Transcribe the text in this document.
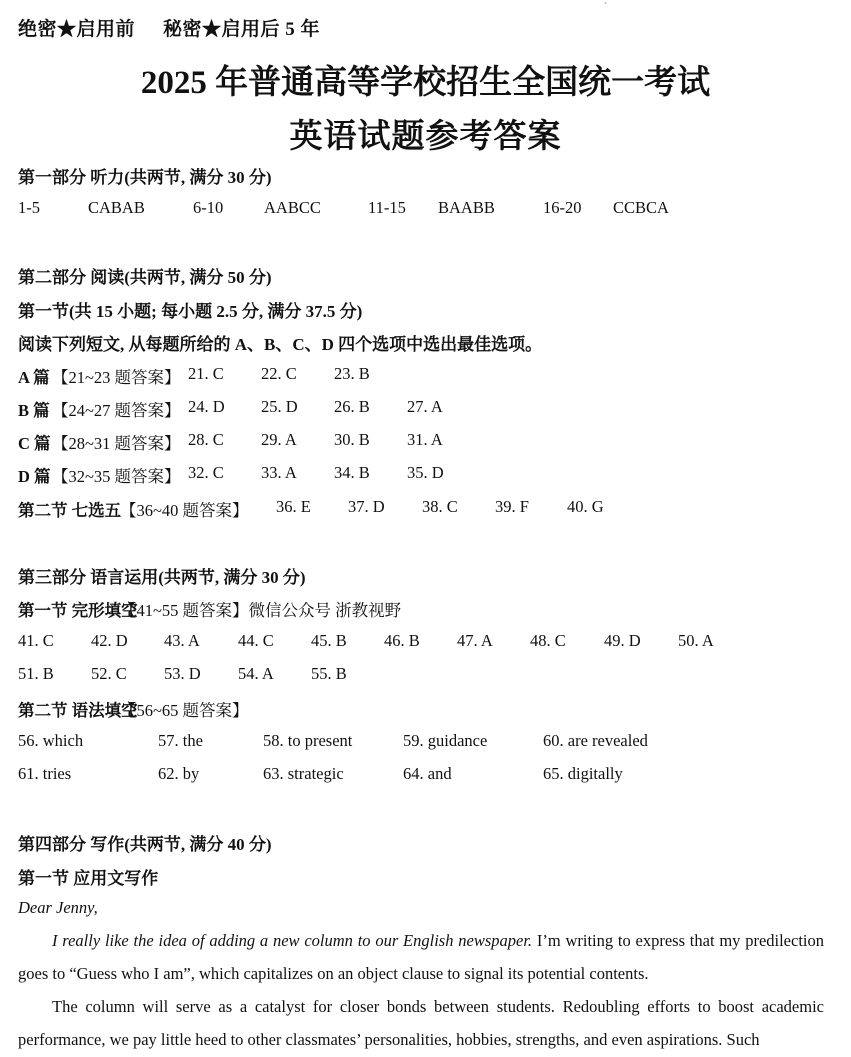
绝密★启用前 秘密★启用后 5 年
`
2025 年普通高等学校招生全国统一考试
英语试题参考答案
第一部分 听力(共两节, 满分 30 分)
1-5	CABAB	6-10 AABCC	11-15 BAABB	16-20 CCBCA
第二部分 阅读(共两节, 满分 50 分)
第一节(共 15 小题; 每小题 2.5 分, 满分 37.5 分)
阅读下列短文, 从每题所给的 A、B、C、D 四个选项中选出最佳选项。
A 篇 【21~23 题答案】 21. C 22. C 23. B
B 篇 【24~27 题答案】 24. D 25. D 26. B 27. A
C 篇 【28~31 题答案】 28. C 29. A 30. B 31. A
D 篇 【32~35 题答案】 32. C 33. A 34. B 35. D
第二节 七选五
【36~40 题答案】 36. E 37. D 38. C 39. F 40. G
第三部分 语言运用(共两节, 满分 30 分)
第一节 完形填空
【41~55 题答案】微信公众号 浙教视野
41. C 42. D 43. A 44. C 45. B 46. B 47. A 48. C 49. D 50. A
51. B 52. C 53. D 54. A 55. B
第二节 语法填空
【56~65 题答案】
56. which	57. the	58. to present	59. guidance	60. are revealed
61. tries	62. by	63. strategic	64. and	65. digitally
第四部分 写作(共两节, 满分 40 分)
第一节 应用文写作
Dear Jenny,
I really like the idea of adding a new column to our English newspaper. I’m writing to express that my predilection goes to “Guess who I am”, which capitalizes on an object clause to signal its potential contents.
The column will serve as a catalyst for closer bonds between students. Redoubling efforts to boost academic performance, we pay little heed to other classmates’ personalities, hobbies, strengths, and even aspirations. Such
